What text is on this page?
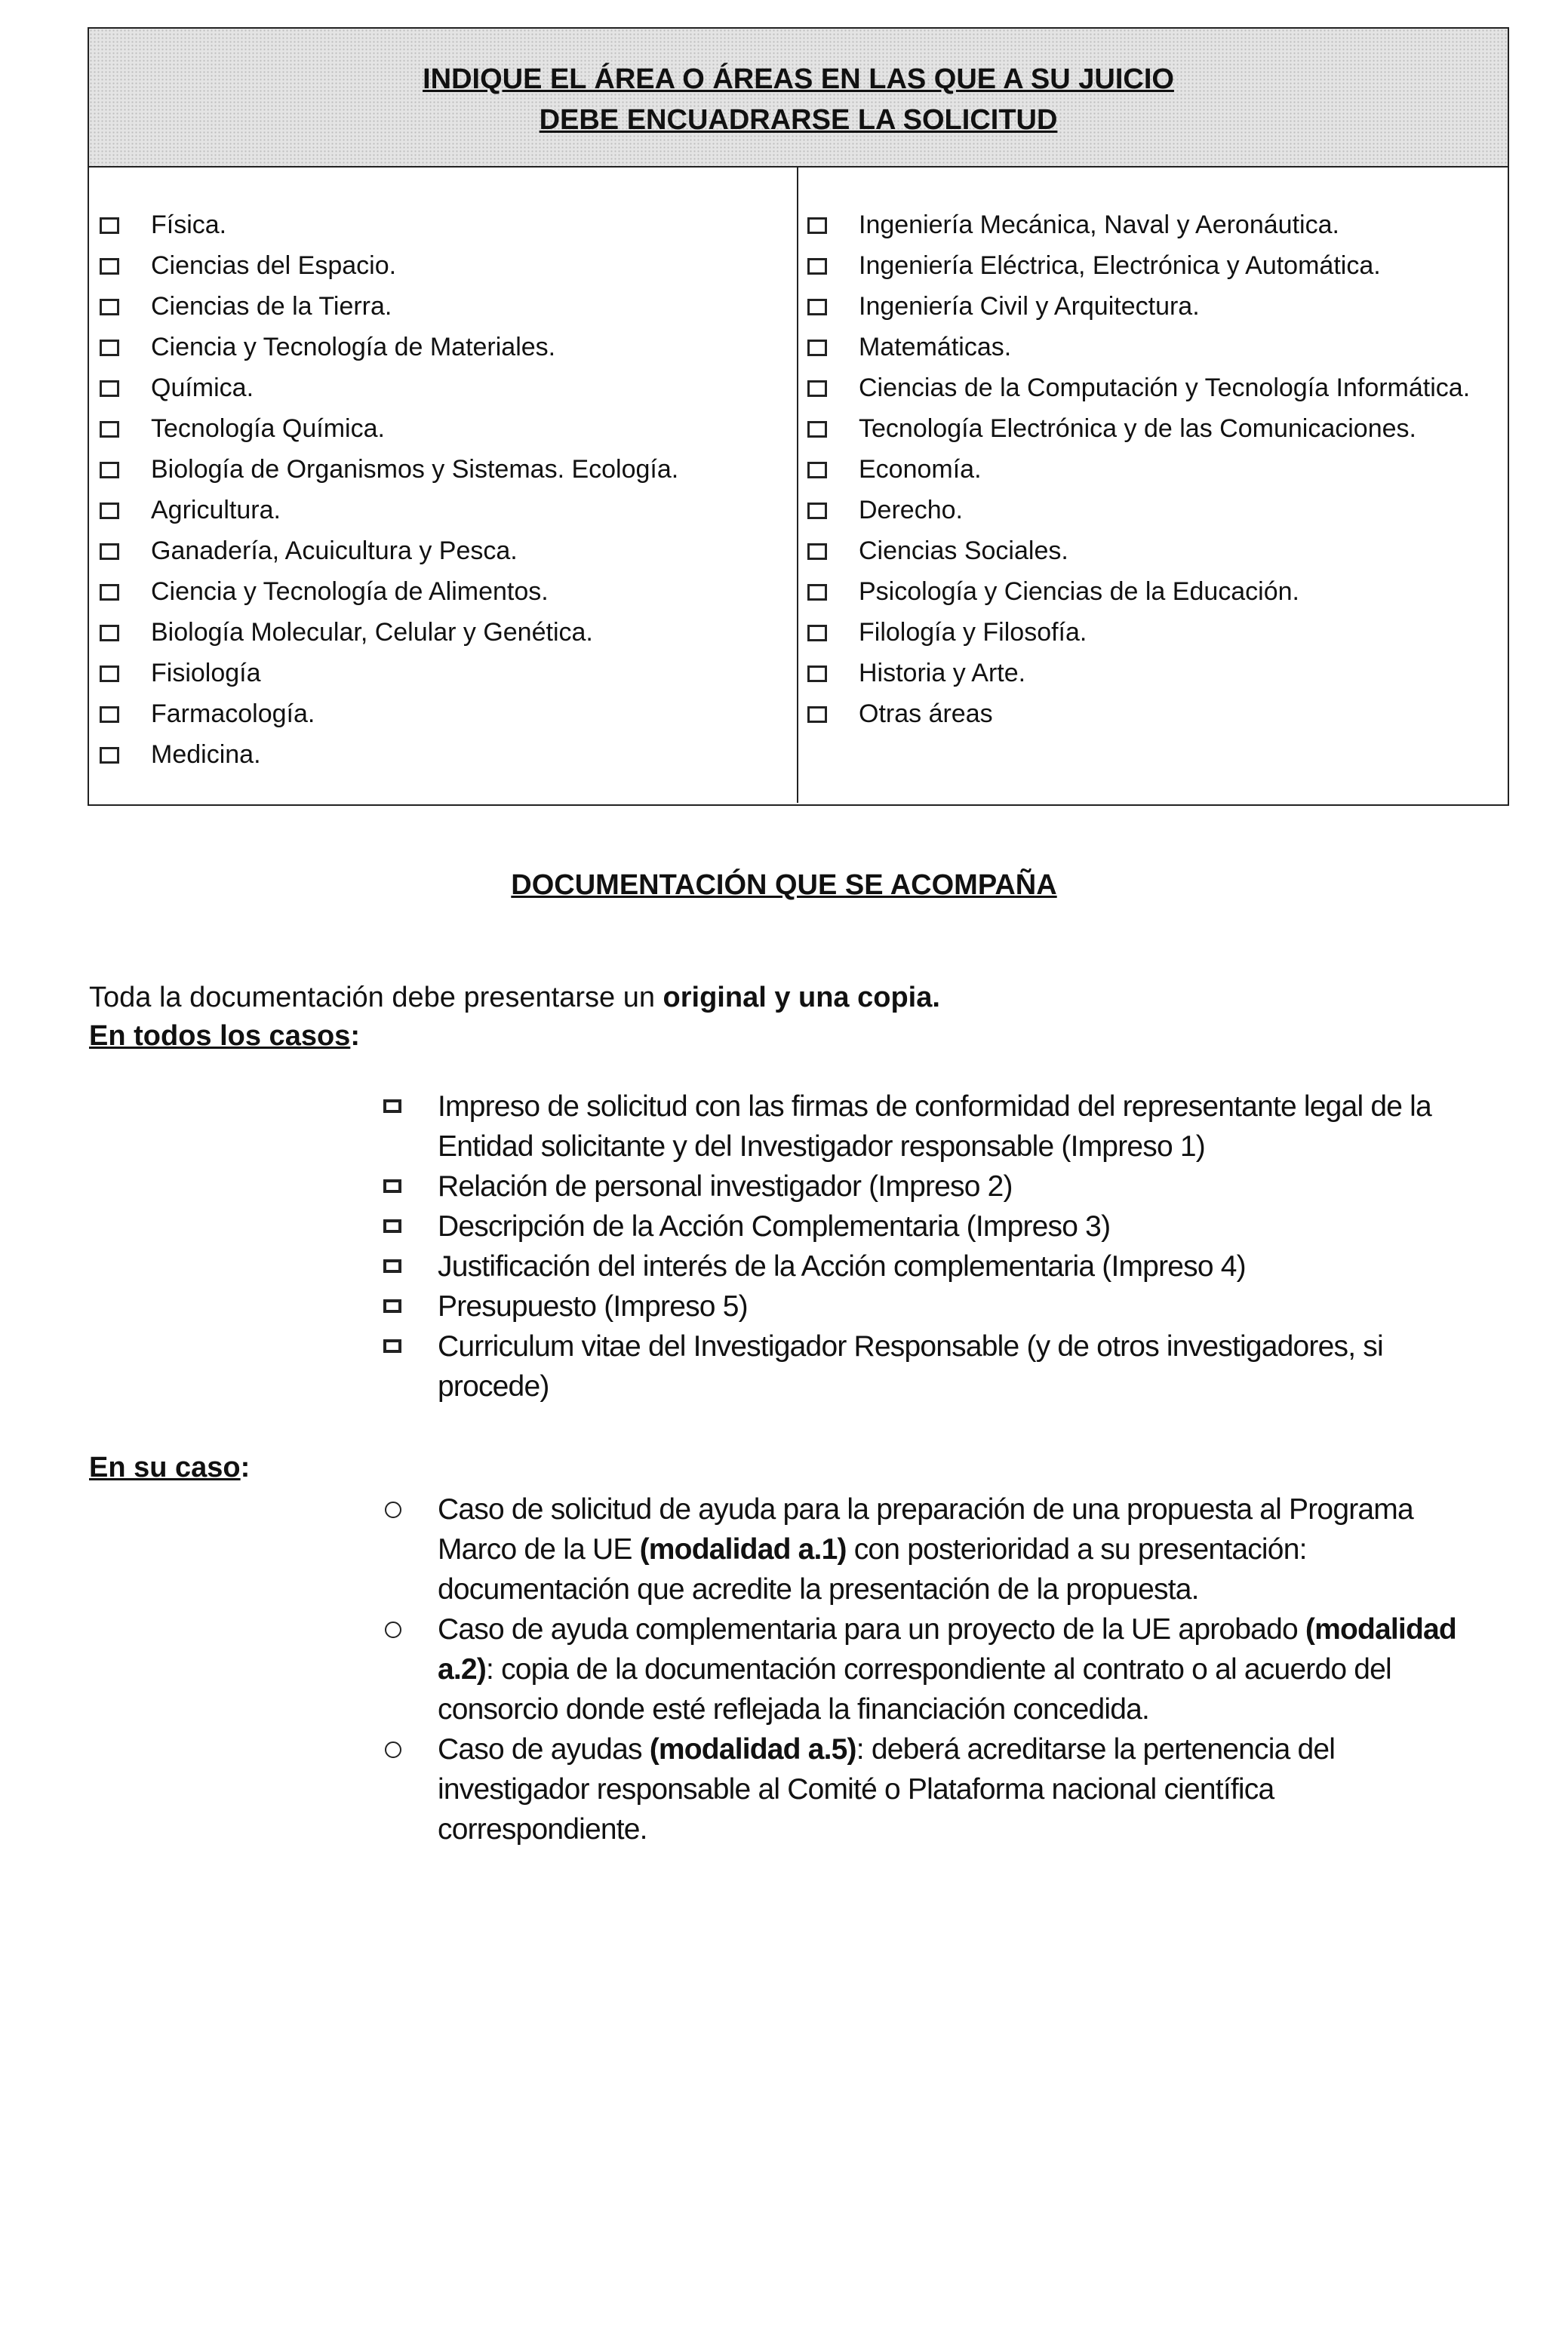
INDIQUE EL ÁREA O ÁREAS EN LAS QUE A SU JUICIO
DEBE ENCUADRARSE LA SOLICITUD
Física.
Ciencias del Espacio.
Ciencias de la Tierra.
Ciencia y Tecnología de Materiales.
Química.
Tecnología Química.
Biología de Organismos y Sistemas. Ecología.
Agricultura.
Ganadería, Acuicultura y Pesca.
Ciencia y Tecnología de Alimentos.
Biología Molecular, Celular y Genética.
Fisiología
Farmacología.
Medicina.
Ingeniería Mecánica, Naval y Aeronáutica.
Ingeniería Eléctrica, Electrónica y Automática.
Ingeniería Civil y Arquitectura.
Matemáticas.
Ciencias de la Computación y Tecnología Informática.
Tecnología Electrónica y de las Comunicaciones.
Economía.
Derecho.
Ciencias Sociales.
Psicología y Ciencias de la Educación.
Filología y Filosofía.
Historia y Arte.
Otras áreas
DOCUMENTACIÓN QUE SE ACOMPAÑA
Toda la documentación debe presentarse un original y una copia.
En todos los casos:
Impreso de solicitud con las firmas de conformidad del representante legal de la Entidad solicitante y del Investigador responsable (Impreso 1)
Relación de personal investigador (Impreso 2)
Descripción de la Acción Complementaria (Impreso 3)
Justificación del interés de la Acción complementaria (Impreso 4)
Presupuesto (Impreso 5)
Curriculum vitae del Investigador Responsable (y de otros investigadores, si procede)
En su caso:
Caso de solicitud de ayuda para la preparación de una propuesta al Programa Marco de la UE (modalidad a.1) con posterioridad a su presentación: documentación que acredite la presentación de la propuesta.
Caso de ayuda complementaria para un proyecto de la UE aprobado (modalidad a.2): copia de la documentación correspondiente al contrato o al acuerdo del consorcio donde esté reflejada la financiación concedida.
Caso de ayudas (modalidad a.5): deberá acreditarse la pertenencia del investigador responsable al Comité o Plataforma nacional científica correspondiente.
